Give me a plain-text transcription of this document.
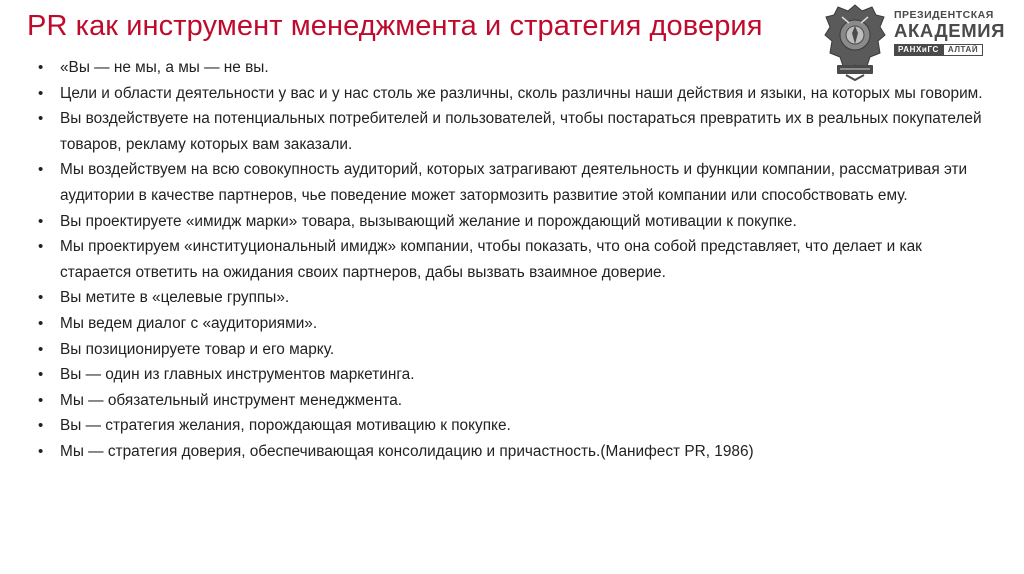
PR как инструмент менеджмента и стратегия доверия	ПРЕЗИДЕНТСКАЯ
АКАДЕМИЯ
РАНХиГС	АЛТАЙ
• «Вы — не мы, а мы — не вы.
• Цели и области деятельности у вас и у нас столь же различны, сколь различны наши действия и языки, на которых мы говорим.
• Вы воздействуете на потенциальных потребителей и пользователей, чтобы постараться превратить их в реальных покупателей товаров, рекламу которых вам заказали.
• Мы воздействуем на всю совокупность аудиторий, которых затрагивают деятельность и функции компании, рассматривая эти аудитории в качестве партнеров, чье поведение может затормозить развитие этой компании или способствовать ему.
• Вы проектируете «имидж марки» товара, вызывающий желание и порождающий мотивации к покупке.
• Мы проектируем «институциональный имидж» компании, чтобы показать, что она собой представляет, что делает и как старается ответить на ожидания своих партнеров, дабы вызвать взаимное доверие.
• Вы метите в «целевые группы».
• Мы ведем диалог с «аудиториями».
• Вы позиционируете товар и его марку.
• Вы — один из главных инструментов маркетинга.
• Мы — обязательный инструмент менеджмента.
• Вы — стратегия желания, порождающая мотивацию к покупке.
• Мы — стратегия доверия, обеспечивающая консолидацию и причастность.(Манифест PR, 1986)
